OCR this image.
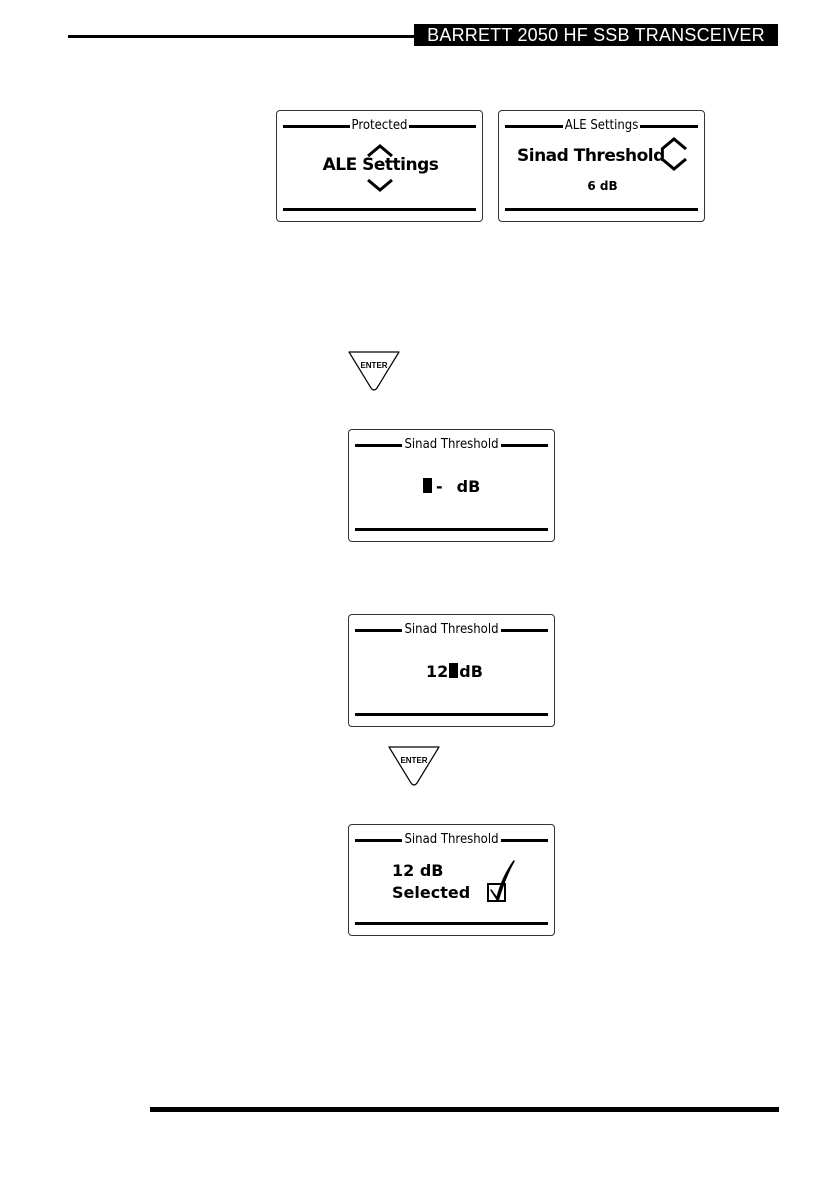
BARRETT 2050 HF SSB TRANSCEIVER
Protected
ALE Settings
ALE Settings
Sinad Threshold
6 dB
ENTER
Sinad Threshold
- dB
Sinad Threshold
12 dB
ENTER
Sinad Threshold
12 dB
Selected
